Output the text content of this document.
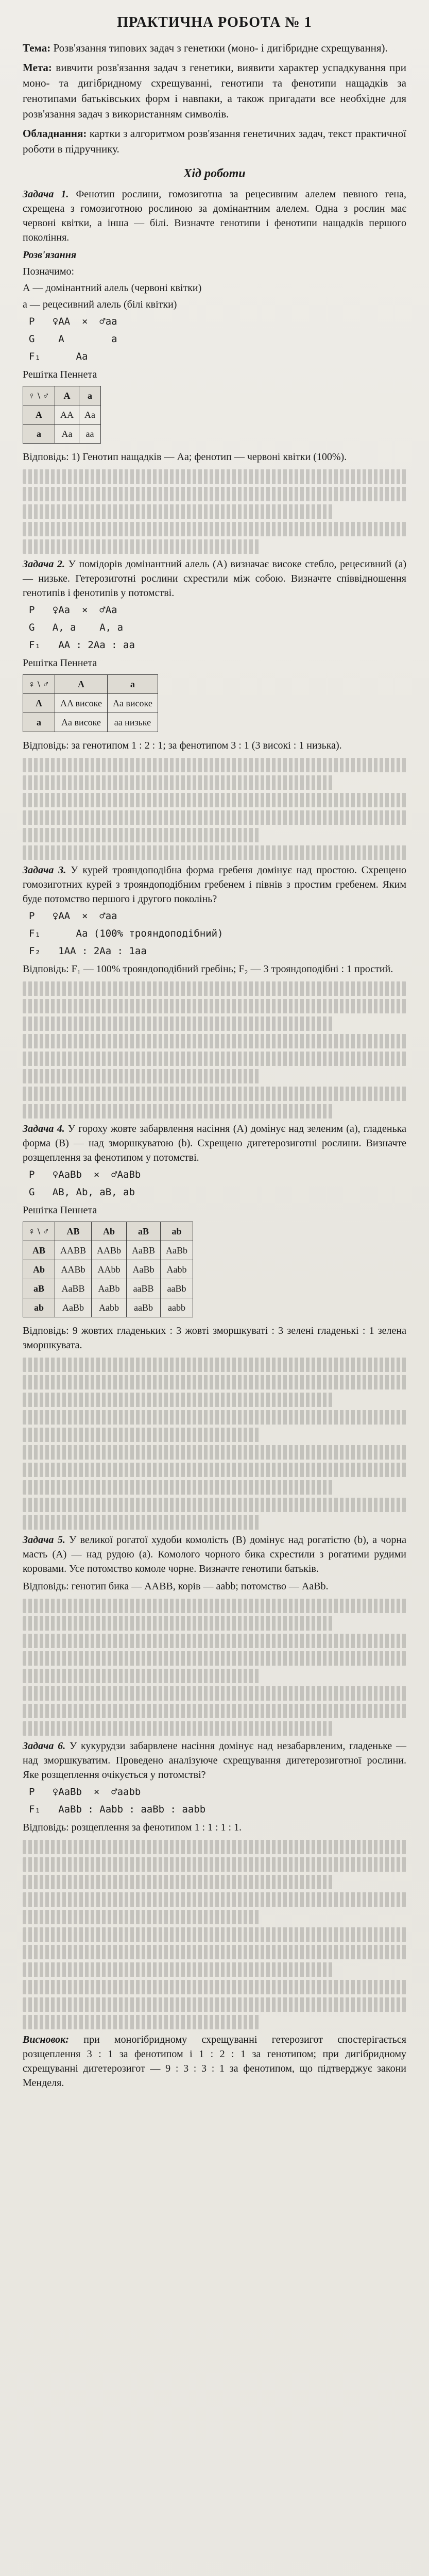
ПРАКТИЧНА РОБОТА № 1

Тема: Розв'язання типових задач з генетики (моно- і дигібридне схрещування).

Мета: вивчити розв'язання задач з генетики, виявити характер успадкування при моно- та дигібридному схрещуванні, генотипи та фенотипи нащадків за генотипами батьківських форм і навпаки, а також пригадати все необхідне для розв'язання задач з використанням символів.

Обладнання: картки з алгоритмом розв'язання генетичних задач, текст практичної роботи в підручнику.

Хід роботи

Задача 1. Фенотип рослини, гомозиготна за рецесивним алелем певного гена, схрещена з гомозиготною рослиною за домінантним алелем. Одна з рослин має червоні квітки, а інша — білі. Визначте генотипи і фенотипи нащадків першого покоління.

Розв'язання
Позначимо:
А — домінантний алель (червоні квітки)
а — рецесивний алель (білі квітки)
P   ♀AA  ×  ♂aa
G    A        a
F₁      Aa
Решітка Пеннета
♀ \ ♂	A	a
A	AA	Aa
a	Aa	aa

Відповідь: 1) Генотип нащадків — Aa; фенотип — червоні квітки (100%).

Задача 2. У помідорів домінантний алель (А) визначає високе стебло, рецесивний (а) — низьке. Гетерозиготні рослини схрестили між собою. Визначте співвідношення генотипів і фенотипів у потомстві.

P   ♀Aa  ×  ♂Aa
G   A, a    A, a
F₁   AA : 2Aa : aa
Решітка Пеннета
♀ \ ♂	A	a
A	AA високе	Aa високе
a	Aa високе	aa низьке

Відповідь: за генотипом 1 : 2 : 1; за фенотипом 3 : 1 (3 високі : 1 низька).

Задача 3. У курей трояндоподібна форма гребеня домінує над простою. Схрещено гомозиготних курей з трояндоподібним гребенем і півнів з простим гребенем. Яким буде потомство першого і другого поколінь?

P   ♀AA  ×  ♂aa
F₁      Aa (100% трояндоподібний)
F₂   1AA : 2Aa : 1aa

Відповідь: F₁ — 100% трояндоподібний гребінь; F₂ — 3 трояндоподібні : 1 простий.

Задача 4. У гороху жовте забарвлення насіння (А) домінує над зеленим (а), гладенька форма (В) — над зморшкуватою (b). Схрещено дигетерозиготні рослини. Визначте розщеплення за фенотипом у потомстві.

P   ♀AaBb  ×  ♂AaBb
G   AB, Ab, aB, ab
Решітка Пеннета
♀ \ ♂	AB	Ab	aB	ab
AB	AABB	AABb	AaBB	AaBb
Ab	AABb	AAbb	AaBb	Aabb
aB	AaBB	AaBb	aaBB	aaBb
ab	AaBb	Aabb	aaBb	aabb

Відповідь: 9 жовтих гладеньких : 3 жовті зморшкуваті : 3 зелені гладенькі : 1 зелена зморшкувата.

Задача 5. У великої рогатої худоби комолість (В) домінує над рогатістю (b), а чорна масть (А) — над рудою (а). Комолого чорного бика схрестили з рогатими рудими коровами. Усе потомство комоле чорне. Визначте генотипи батьків.

Відповідь: генотип бика — AABB, корів — aabb; потомство — AaBb.

Задача 6. У кукурудзи забарвлене насіння домінує над незабарвленим, гладеньке — над зморшкуватим. Проведено аналізуюче схрещування дигетерозиготної рослини. Яке розщеплення очікується у потомстві?

P   ♀AaBb  ×  ♂aabb
F₁   AaBb : Aabb : aaBb : aabb

Відповідь: розщеплення за фенотипом 1 : 1 : 1 : 1.

Висновок: при моногібридному схрещуванні гетерозигот спостерігається розщеплення 3 : 1 за фенотипом і 1 : 2 : 1 за генотипом; при дигібридному схрещуванні дигетерозигот — 9 : 3 : 3 : 1 за фенотипом, що підтверджує закони Менделя.
